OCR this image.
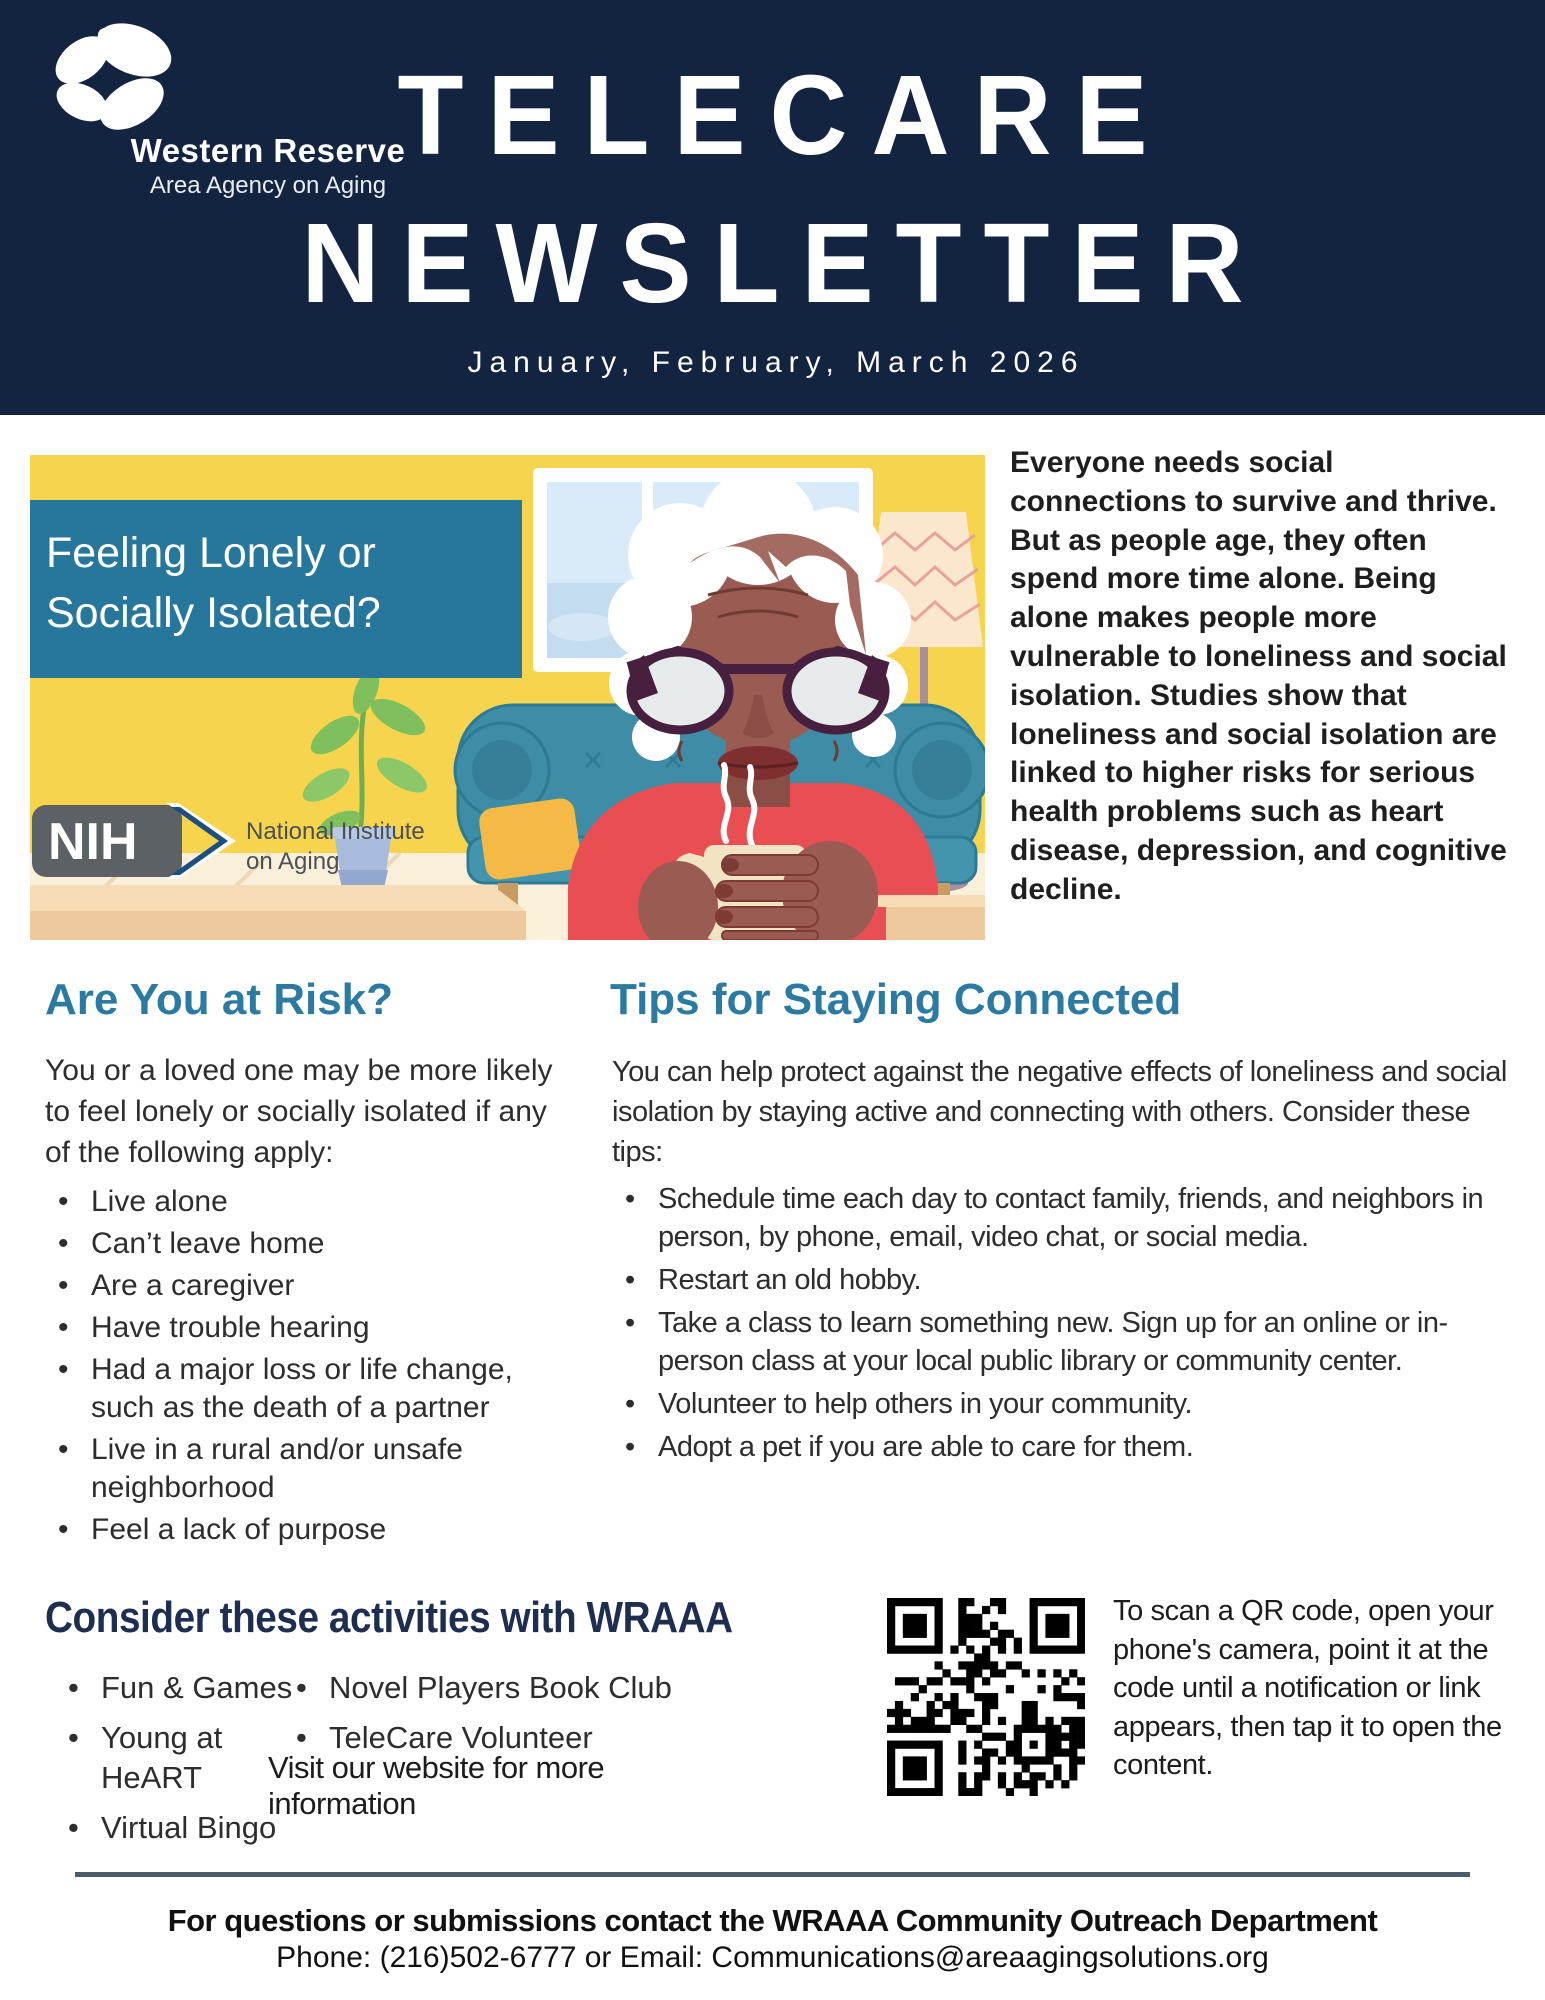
Western Reserve
Area Agency on Aging
TELECARE
NEWSLETTER
January, February, March 2026
Feeling Lonely or
Socially Isolated?
NIH	National Institute
on Aging
Everyone needs social connections to survive and thrive. But as people age, they often spend more time alone. Being alone makes people more vulnerable to loneliness and social isolation. Studies show that loneliness and social isolation are linked to higher risks for serious health problems such as heart disease, depression, and cognitive decline.
Are You at Risk?
You or a loved one may be more likely to feel lonely or socially isolated if any of the following apply:
• Live alone
• Can’t leave home
• Are a caregiver
• Have trouble hearing
• Had a major loss or life change, such as the death of a partner
• Live in a rural and/or unsafe neighborhood
• Feel a lack of purpose
Tips for Staying Connected
You can help protect against the negative effects of loneliness and social isolation by staying active and connecting with others. Consider these tips:
• Schedule time each day to contact family, friends, and neighbors in person, by phone, email, video chat, or social media.
• Restart an old hobby.
• Take a class to learn something new. Sign up for an online or in-person class at your local public library or community center.
• Volunteer to help others in your community.
• Adopt a pet if you are able to care for them.
Consider these activities with WRAAA
• Fun & Games
• Young at HeART
• Virtual Bingo
• Novel Players Book Club
• TeleCare Volunteer
Visit our website for more information
To scan a QR code, open your phone's camera, point it at the code until a notification or link appears, then tap it to open the content.
For questions or submissions contact the WRAAA Community Outreach Department
Phone: (216)502-6777 or Email: Communications@areaagingsolutions.org
